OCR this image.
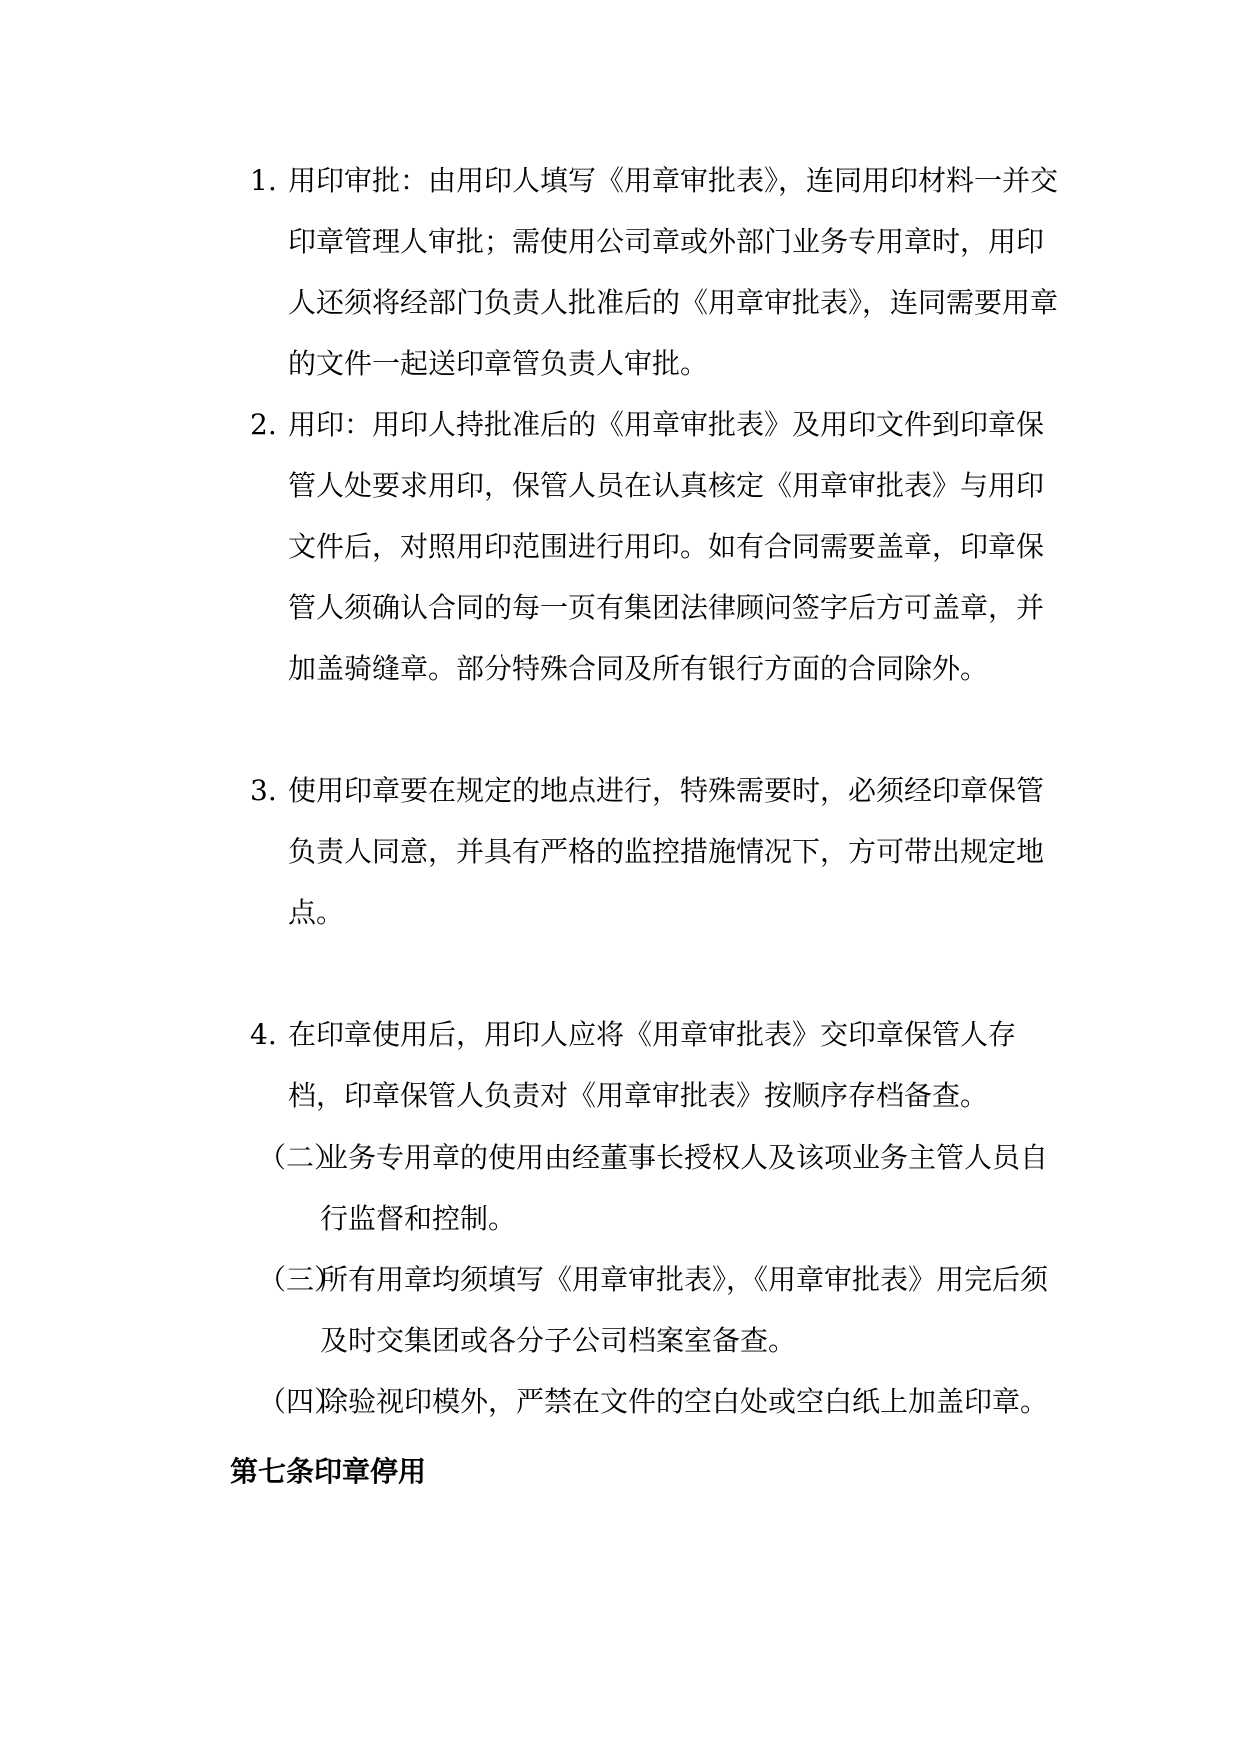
1. 用印审批：由用印人填写《用章审批表》，连同用印材料一并交印章管理人审批；需使用公司章或外部门业务专用章时，用印人还须将经部门负责人批准后的《用章审批表》，连同需要用章的文件一起送印章管负责人审批。
2. 用印：用印人持批准后的《用章审批表》及用印文件到印章保管人处要求用印，保管人员在认真核定《用章审批表》与用印文件后，对照用印范围进行用印。如有合同需要盖章，印章保管人须确认合同的每一页有集团法律顾问签字后方可盖章，并加盖骑缝章。部分特殊合同及所有银行方面的合同除外。
3. 使用印章要在规定的地点进行，特殊需要时，必须经印章保管负责人同意，并具有严格的监控措施情况下，方可带出规定地点。
4. 在印章使用后，用印人应将《用章审批表》交印章保管人存档，印章保管人负责对《用章审批表》按顺序存档备查。
（二）
业务专用章的使用由经董事长授权人及该项业务主管人员自行监督和控制。
（三）
所有用章均须填写《用章审批表》，《用章审批表》用完后须及时交集团或各分子公司档案室备查。
（四）
除验视印模外，严禁在文件的空白处或空白纸上加盖印章。
第七条印章停用
